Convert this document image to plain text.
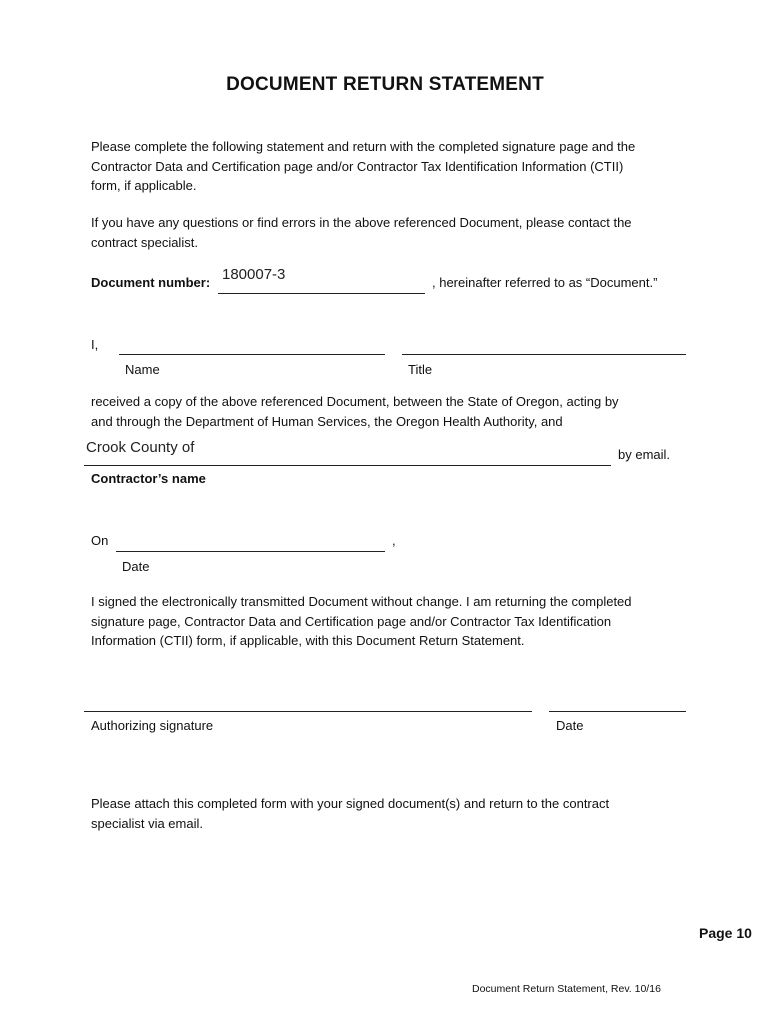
DOCUMENT RETURN STATEMENT
Please complete the following statement and return with the completed signature page and the
Contractor Data and Certification page and/or Contractor Tax Identification Information (CTII)
form, if applicable.
If you have any questions or find errors in the above referenced Document, please contact the
contract specialist.
Document number: 180007-3	, hereinafter referred to as “Document.”
I,
Name	Title
received a copy of the above referenced Document, between the State of Oregon, acting by
and through the Department of Human Services, the Oregon Health Authority, and
Crook County of	by email.
Contractor’s name
On	,
Date
I signed the electronically transmitted Document without change. I am returning the completed
signature page, Contractor Data and Certification page and/or Contractor Tax Identification
Information (CTII) form, if applicable, with this Document Return Statement.
Authorizing signature	Date
Please attach this completed form with your signed document(s) and return to the contract
specialist via email.
Page 10
Document Return Statement, Rev. 10/16
